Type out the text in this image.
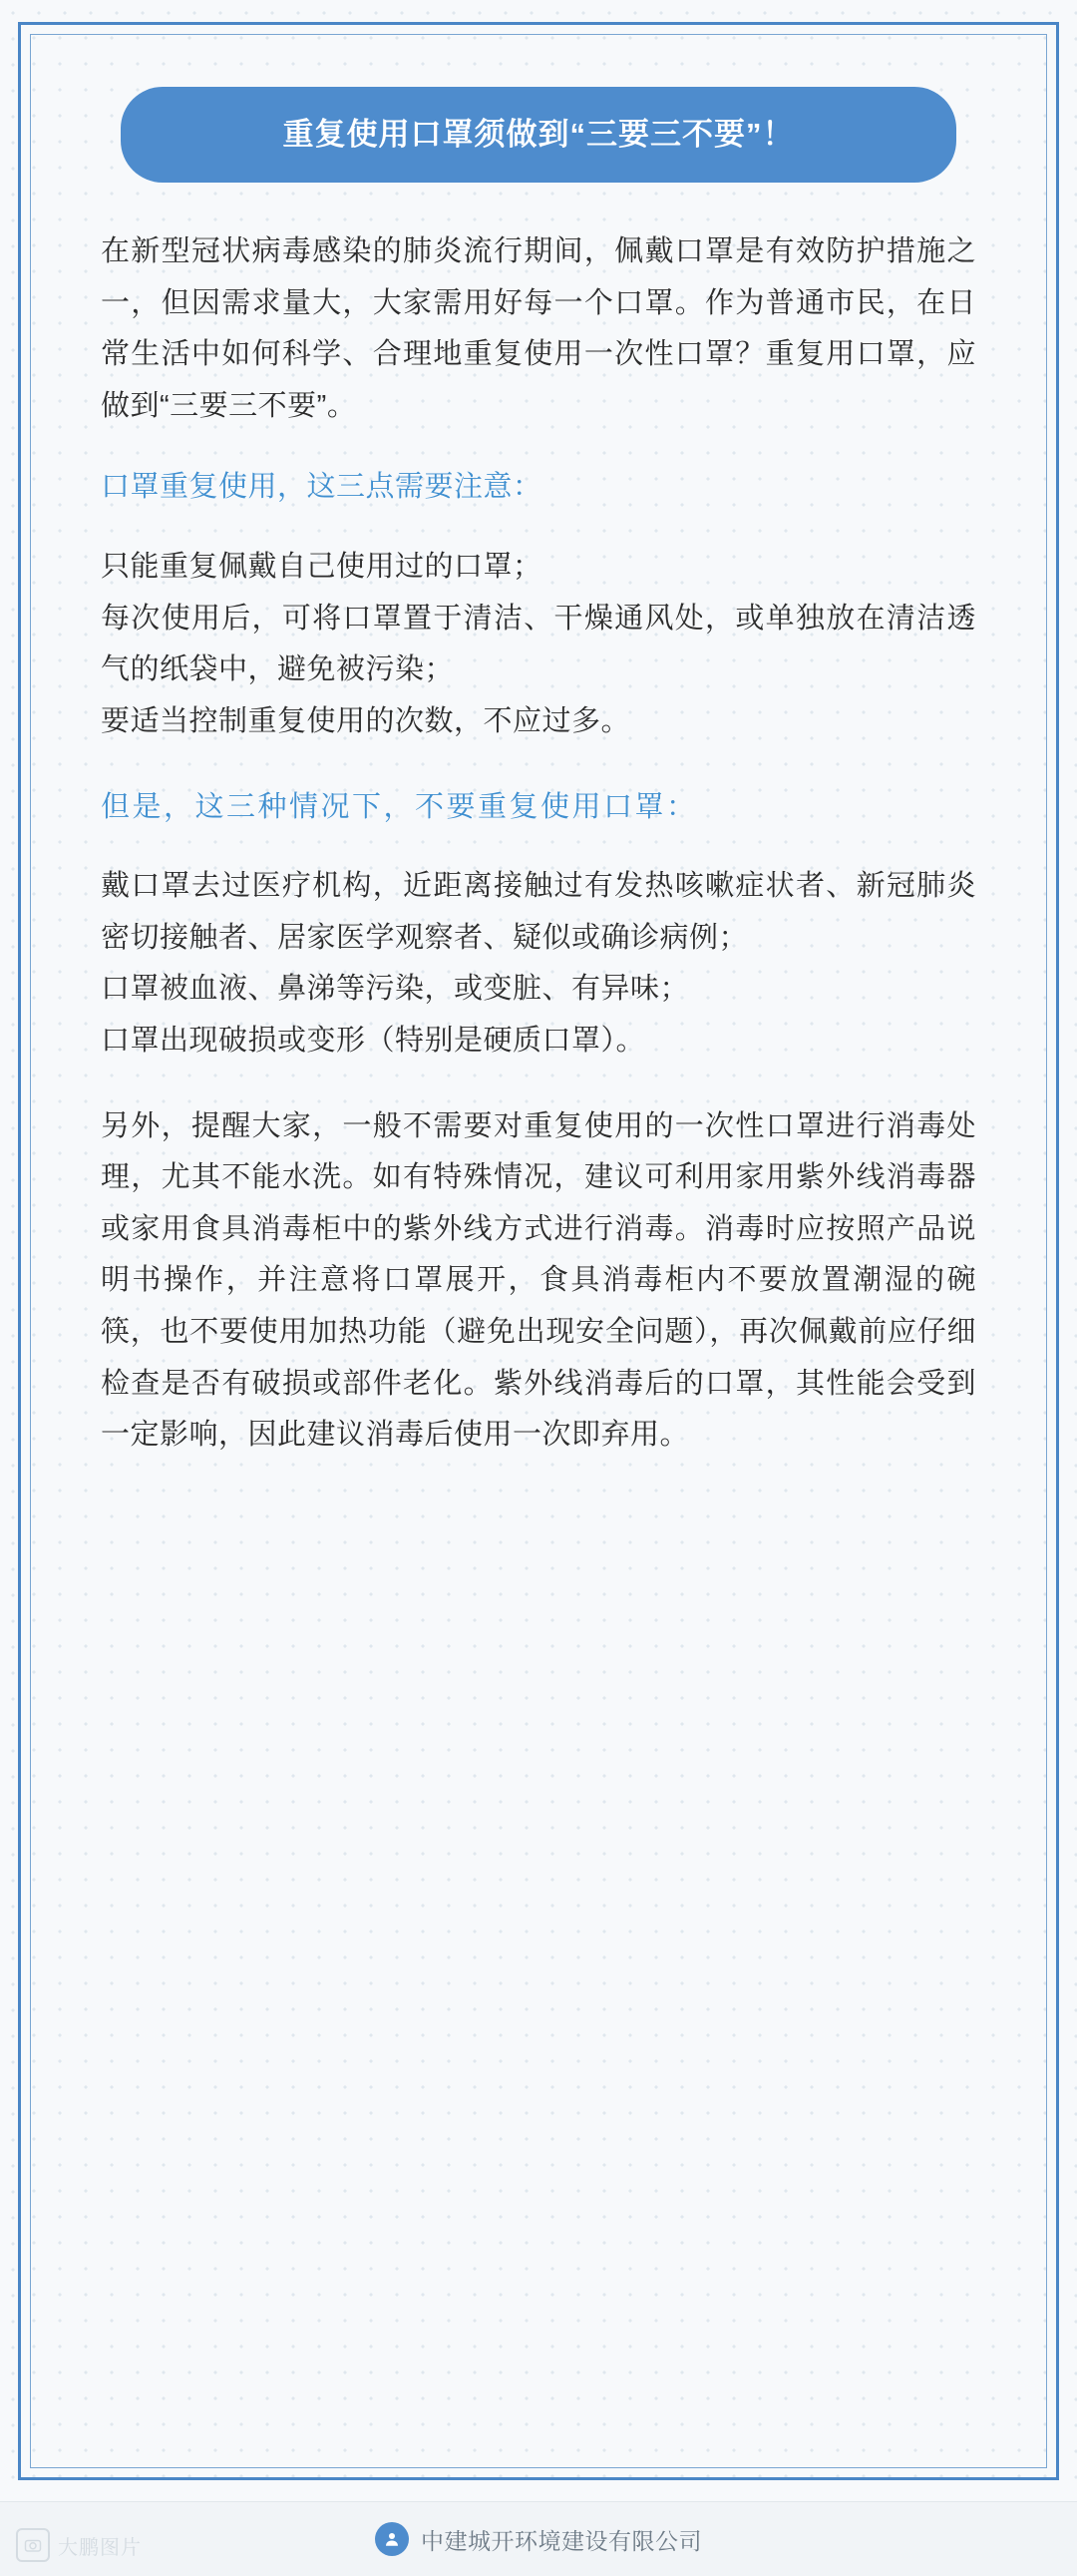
重复使用口罩须做到“三要三不要”！

在新型冠状病毒感染的肺炎流行期间，佩戴口罩是有效防护措施之一，但因需求量大，大家需用好每一个口罩。作为普通市民，在日常生活中如何科学、合理地重复使用一次性口罩？重复用口罩，应做到“三要三不要”。

口罩重复使用，这三点需要注意：

只能重复佩戴自己使用过的口罩；

每次使用后，可将口罩置于清洁、干燥通风处，或单独放在清洁透气的纸袋中，避免被污染；

要适当控制重复使用的次数，不应过多。

但是，这三种情况下，不要重复使用口罩：

戴口罩去过医疗机构，近距离接触过有发热咳嗽症状者、新冠肺炎密切接触者、居家医学观察者、疑似或确诊病例；

口罩被血液、鼻涕等污染，或变脏、有异味；

口罩出现破损或变形（特别是硬质口罩）。

另外，提醒大家，一般不需要对重复使用的一次性口罩进行消毒处理，尤其不能水洗。如有特殊情况，建议可利用家用紫外线消毒器或家用食具消毒柜中的紫外线方式进行消毒。消毒时应按照产品说明书操作，并注意将口罩展开，食具消毒柜内不要放置潮湿的碗筷，也不要使用加热功能（避免出现安全问题），再次佩戴前应仔细检查是否有破损或部件老化。紫外线消毒后的口罩，其性能会受到一定影响，因此建议消毒后使用一次即弃用。

中建城开环境建设有限公司
大鹏图片
